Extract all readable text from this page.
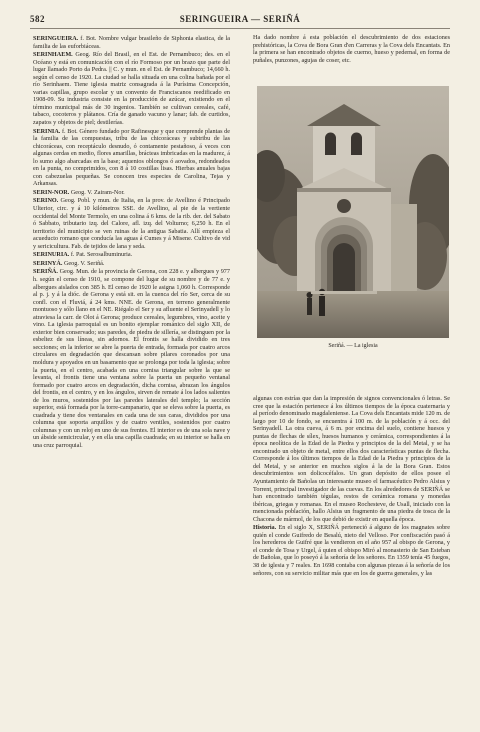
582	SERINGUEIRA — SERIÑÁ

SERINGUEIRA. f. Bot. Nombre vulgar brasileño de Siphonia elastica, de la familia de las euforbiáceas.

SERINHAEM. Geog. Río del Brasil, en el Est. de Pernambuco; des. en el Océano y está en comunicación con el río Formoso por un brazo que parte del lugar llamado Porto da Pedra. || C. y mun. en el Est. de Pernambuco; 14,660 h. según el censo de 1920. La ciudad se halla situada en una colina bañada por el río Serinhaem. Tiene iglesia matriz consagrada á la Purísima Concepción, varias capillas, grupo escolar y un convento de Franciscanos reedificado en 1908-09. Su industria consiste en la producción de azúcar, existiendo en el término municipal más de 30 ingenios. También se cultivan cereales, café, tabaco, cocoteros y plátanos. Cría de ganado vacuno y lanar; fab. de curtidos, zapatos y objetos de piel; destilerías.

SERINIA. f. Bot. Género fundado por Rafinesque y que comprende plantas de la familia de las compuestas, tribu de las chicoráceas y subtribu de las chicoráceas, con receptáculo desnudo, ó contamente pestañoso, á veces con algunas cerdas en medio, flores amarillas, brácteas imbricadas en la madurez, á lo sumo algo abarcadas en la base; aquenios oblongos ó aovados, redondeados en la punta, no comprimidos, con 8 á 10 costillas lisas. Hierbas anuales bajas con cabezuelas pequeñas. Se conocen tres especies de Carolina, Tejas y Arkansas.

SERIN-NOR. Geog. V. Zairam-Nor.

SERINO. Geog. Pobl. y mun. de Italia, en la prov. de Avellino é Principado Ulterior, circ. y á 10 kilómetros SSE. de Avellino, al pie de la vertiente occidental del Monte Termolo, en una colina á 6 kms. de la rib. der. del Sabato ó Sabbato, tributario izq. del Calore, afl. izq. del Volturno; 6,250 h. En el territorio del municipio se ven ruinas de la antigua Sabatia. Allí empieza el acueducto romano que conducía las aguas á Cumes y á Misene. Cultivo de vid y sericicultura. Fab. de tejidos de lana y seda.

SERINURIA. f. Pat. Serosalbuminuria.

SERINYÁ. Geog. V. Seriñá.

SERIÑÁ. Geog. Mun. de la provincia de Gerona, con 228 e. y albergues y 977 h. según el censo de 1910, se compone del lugar de su nombre y de 77 e. y albergues aislados con 385 h. El censo de 1920 le asigna 1,060 h. Corresponde al p. j. y á la dióc. de Gerona y está sit. en la cuenca del río Ser, cerca de su confl. con el Fluviá, á 24 kms. NNE. de Gerona, en terreno generalmente montuoso y sólo llano en el NE. Riégalo el Ser y su afluente el Serinyadell y lo atraviesa la carr. de Olot á Gerona; produce cereales, legumbres, vino, aceite y vino. La iglesia parroquial es un bonito ejemplar románico del siglo XII, de exterior bien conservado; sus paredes, de piedra de sillería, se distinguen por la esbeltez de sus líneas, sin adornos. El frontis se halla dividido en tres secciones; en la inferior se abre la puerta de entrada, formada por cuatro arcos circulares en degradación que descansan sobre pilares coronados por una moldura y apoyados en un basamento que se prolonga por toda la iglesia; sobre la puerta, en el centro, acabada en una cornisa triangular sobre la que se levanta, el frontis tiene una ventana sobre la puerta un pequeño ventanal formado por cuatro arcos en degradación, dicha cornisa, abrazan los ángulos del frontis, en el centro, y en los ángulos, sirven de remate á los lados salientes de los muros, sostenidos por las paredes laterales del templo; la sección superior, está formada por la torre-campanario, que se eleva sobre la puerta, es cuadrada y tiene dos ventanales en cada una de sus caras, divididos por una columna que soporta arquillos y de cuatro ventiles, sostenidos por cuatro columnas y con un reloj en uno de sus frentes. El interior es de una sola nave y un ábside semicircular, y en ella una capilla cuadrada; en su interior se halla en una cruz parroquial.

Ha dado nombre á esta población el descubrimiento de dos estaciones prehistóricas, la Cova de Bora Gran d'en Carreras y la Cova dels Encantats. En la primera se han encontrado objetos de cuerno, hueso y pedernal, en forma de puñales, punzones, agujas de coser, etc.

Seriñá. — La iglesia

algunas con estrías que dan la impresión de signos convencionales ó letras. Se cree que la estación pertenece á los últimos tiempos de la época cuaternaria y al período denominado magdaleniense. La Cova dels Encantats mide 120 m. de largo por 10 de fondo, se encuentra á 100 m. de la población y á occ. del Serinyadell. La otra cueva, á 6 m. por encima del suelo, contiene huesos y puntas de flechas de sílex, huesos humanos y cerámica, correspondientes á la época neolítica de la Edad de la Piedra y principios de la del Metal, y se ha encontrado un objeto de metal, entre ellos dos características puntas de flecha. Corresponde á los últimos tiempos de la Edad de la Piedra y principios de la del Metal, y se anterior en muchos siglos á la de la Bora Gran. Estos descubrimientos son dolicocéfalos. Un gran depósito de ellos posee el Ayuntamiento de Bañolas un interesante museo el farmacéutico Pedro Alsius y Torrent, principal investigador de las cuevas. En los alrededores de SERIÑÁ se han encontrado también tégulas, restos de cerámica romana y monedas ibéricas, griegas y romanas. En el museo Rochesteve, de Usall, iniciado con la mencionada población, hallo Alsius un fragmento de una piedra de tosca de la Chacona de mármol, de los que debió de existir en aquella época.

Historia. En el siglo X, SERIÑÁ perteneció á alguno de los magnates sobre quién el conde Guifredo de Besalú, nieto del Velloso. Por confiscación pasó á los herederos de Guifré que la vendieron en el año 957 al obispo de Gerona, y el conde de Tosa y Urgel, á quien el obispo Miró al monasterio de San Esteban de Bañolas, que lo poseyó á la señoría de los señores. En 1359 tenía 45 fuegos, 38 de iglesia y 7 reales. En 1698 contaba con algunas piezas á la señoría de los señores, con su servicio militar más que en los de guerra generales, y las
